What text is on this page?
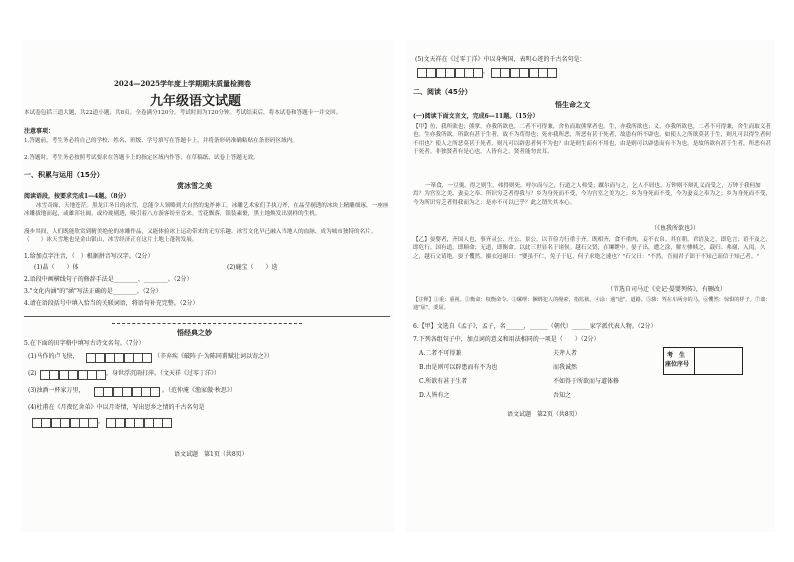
2024—2025学年度上学期期末质量检测卷
九年级语文试题
本试卷包括三道大题，共22道小题，共8页。全卷满分120分，考试时间为120分钟。考试结束后，将本试卷和答题卡一并交回。
注意事项：
1.答题前，考生务必将自己的学校、姓名、班级、学号填写在答题卡上，并将条形码准确粘贴在条形码区域内。
2.答题时，考生务必按照考试要求在答题卡上的指定区域内作答，在草稿纸、试卷上答题无效。
一、积累与运用（15分）
赏冰雪之美
阅读语段，按要求完成1—4题。（8分）
冰雪奇缘，天地苍茫。黑龙江冬日的冰雪，总能令人领略到大自然的鬼斧神工。冰雕艺术家们手执刀斧，在晶莹剔透的冰块上精雕细琢，一座座冰雕拔地而起，或雄浑壮阔，或玲珑剔透，吸引着八方游客纷至沓来。雪花飘落，银装素裹，黑土地焕发出别样的生机。
漫步其间，人们既能欣赏到精美绝伦的冰雕作品，又能体验冰上运动带来的无穷乐趣。冰雪文化早已融入当地人的血脉，成为城市独特的名片。（　　）冰天雪地也是金山银山，冰雪经济正在这片土地上蓬勃发展。
1.给加点字注音，（　）根据拼音写汉字。（2分）
(1)晶（　　）体	(2)鹿宝（　　）迭
2.语段中画横线句子的修辞手法是________、________。（2分）
3."文化内涵"的"涵"写法正确的是________。（2分）
4.请在语段括号中填入恰当的关联词语，将语句补充完整。（2分）
悟经典之妙
5.在下面的田字格中填写古诗文名句。（7分）
(1)马作的卢飞快，	（辛弃疾《破阵子·为陈同甫赋壮词以寄之》）
(2)	，身世浮沉雨打萍。（文天祥《过零丁洋》）
(3)浊酒一杯家万里，	。（范仲淹《渔家傲·秋思》）
(4)杜甫在《月夜忆舍弟》中以月寄情，写出思乡之情的千古名句是
，
语文试题　第1页（共8页）
(5)文天祥在《过零丁洋》中以身殉国，表明心迹的千古名句是：
，
二、阅读（45分）
悟生命之文
(一)阅读下面文言文，完成6—11题。（15分）
【甲】鱼，我所欲也；熊掌，亦我所欲也。二者不可得兼，舍鱼而取熊掌者也。生，亦我所欲也；义，亦我所欲也。二者不可得兼，舍生而取义者也。生亦我所欲，所欲有甚于生者，故不为苟得也；死亦我所恶，所恶有甚于死者，故患有所不辟也。如使人之所欲莫甚于生，则凡可以得生者何不用也？使人之所恶莫甚于死者，则凡可以辟患者何不为也？由是则生而有不用也，由是则可以辟患而有不为也。是故所欲有甚于生者，所恶有甚于死者。非独贤者有是心也，人皆有之，贤者能勿丧耳。
一箪食，一豆羹，得之则生，弗得则死。呼尔而与之，行道之人弗受；蹴尔而与之，乞人不屑也。万钟则不辩礼义而受之，万钟于我何加焉？为宫室之美、妻妾之奉、所识穷乏者得我与？乡为身死而不受，今为宫室之美为之；乡为身死而不受，今为妻妾之奉为之；乡为身死而不受，今为所识穷乏者得我而为之：是亦不可以已乎？此之谓失其本心。
（《鱼我所欲也》）
【乙】晏婴者，齐国人也，事齐灵公、庄公、景公，以节俭力行重于齐。既相齐，食不重肉，妾不衣帛。其在朝，君语及之，即危言；语不及之，即危行。国有道，即顺命；无道，即衡命。以此三世显名于诸侯。越石父贤，在缧绁中。晏子出，遭之涂，解左骖赎之，载归。弗谢，入闺。久之，越石父请绝。晏子戄然，摄衣冠谢曰："婴虽不仁，免子于厄，何子求绝之速也？"石父曰："不然。吾闻君子诎于不知己而信于知己者。"
（节选自司马迁《史记·晏婴列传》，有删改）
【注释】①重：重视。②衡命：权衡命令。③缧绁：捆绑犯人的绳索，指监狱。④涂：通"途"，道路。⑤骖：驾在车两旁的马。⑥戄然：惊惧的样子。⑦诎：通"屈"，委屈。
6.【甲】文选自《孟子》，孟子，名______，______（朝代）______家学派代表人物。（2分）
7.下列各组句子中，加点词的意义和用法相同的一项是（　　）（2分）
A.二者不可得兼	夫斧人者
B.由是则可以辟患而有不为也	而我诚然
C.所欲有甚于生者	不如得于所欲而与道体修
D.人皆有之	吾知之
考　生
座位序号
语文试题　第2页（共8页）
